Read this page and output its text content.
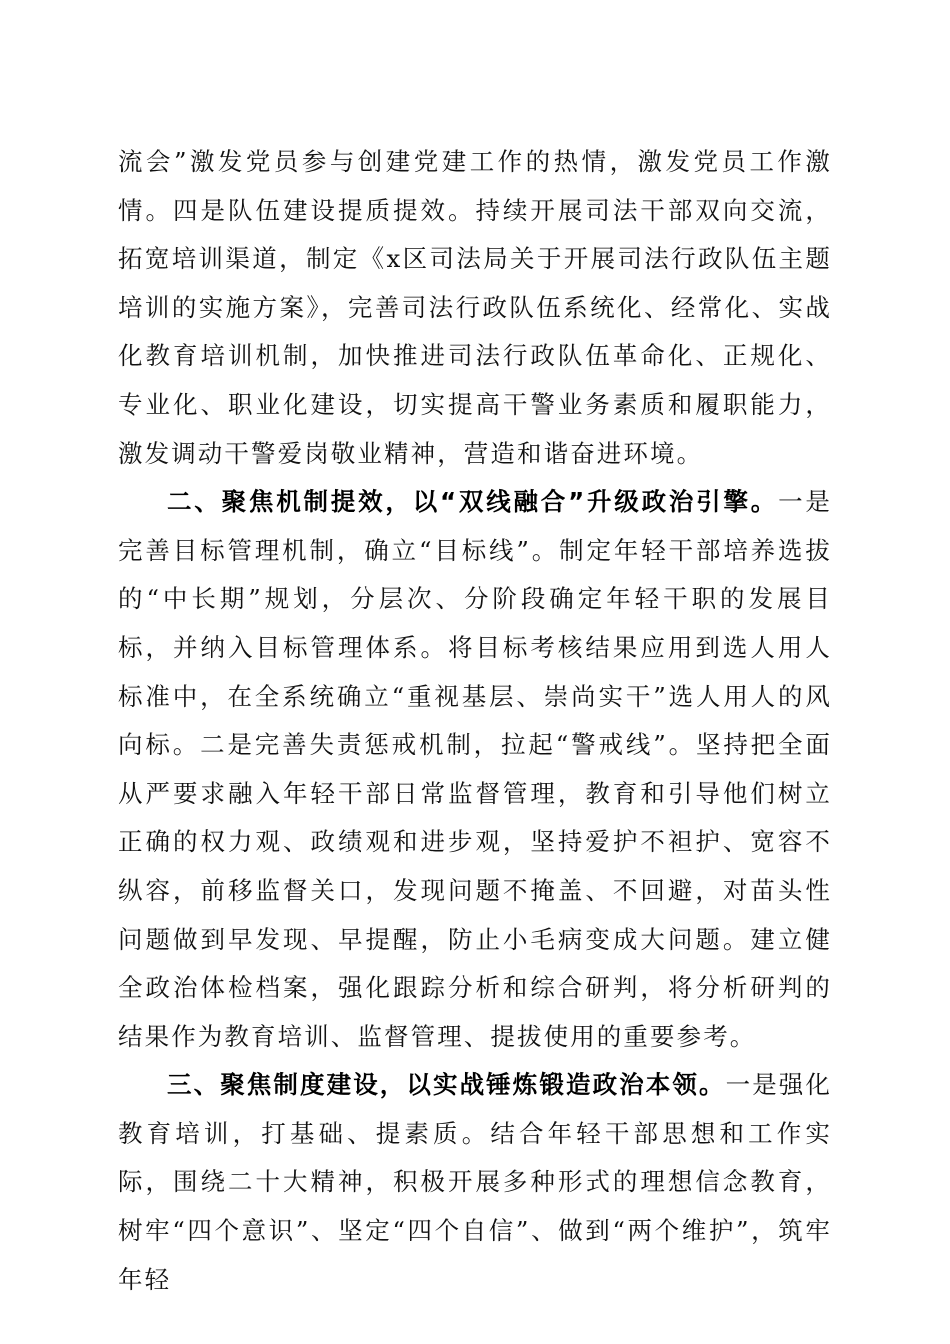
流会”激发党员参与创建党建工作的热情，激发党员工作激情。四是队伍建设提质提效。持续开展司法干部双向交流，拓宽培训渠道，制定《x区司法局关于开展司法行政队伍主题培训的实施方案》，完善司法行政队伍系统化、经常化、实战化教育培训机制，加快推进司法行政队伍革命化、正规化、专业化、职业化建设，切实提高干警业务素质和履职能力，激发调动干警爱岗敬业精神，营造和谐奋进环境。

二、聚焦机制提效，以“双线融合”升级政治引擎。一是完善目标管理机制，确立“目标线”。制定年轻干部培养选拔的“中长期”规划，分层次、分阶段确定年轻干职的发展目标，并纳入目标管理体系。将目标考核结果应用到选人用人标准中，在全系统确立“重视基层、崇尚实干”选人用人的风向标。二是完善失责惩戒机制，拉起“警戒线”。坚持把全面从严要求融入年轻干部日常监督管理，教育和引导他们树立正确的权力观、政绩观和进步观，坚持爱护不袒护、宽容不纵容，前移监督关口，发现问题不掩盖、不回避，对苗头性问题做到早发现、早提醒，防止小毛病变成大问题。建立健全政治体检档案，强化跟踪分析和综合研判，将分析研判的结果作为教育培训、监督管理、提拔使用的重要参考。

三、聚焦制度建设，以实战锤炼锻造政治本领。一是强化教育培训，打基础、提素质。结合年轻干部思想和工作实际，围绕二十大精神，积极开展多种形式的理想信念教育，树牢“四个意识”、坚定“四个自信”、做到“两个维护”，筑牢年轻
